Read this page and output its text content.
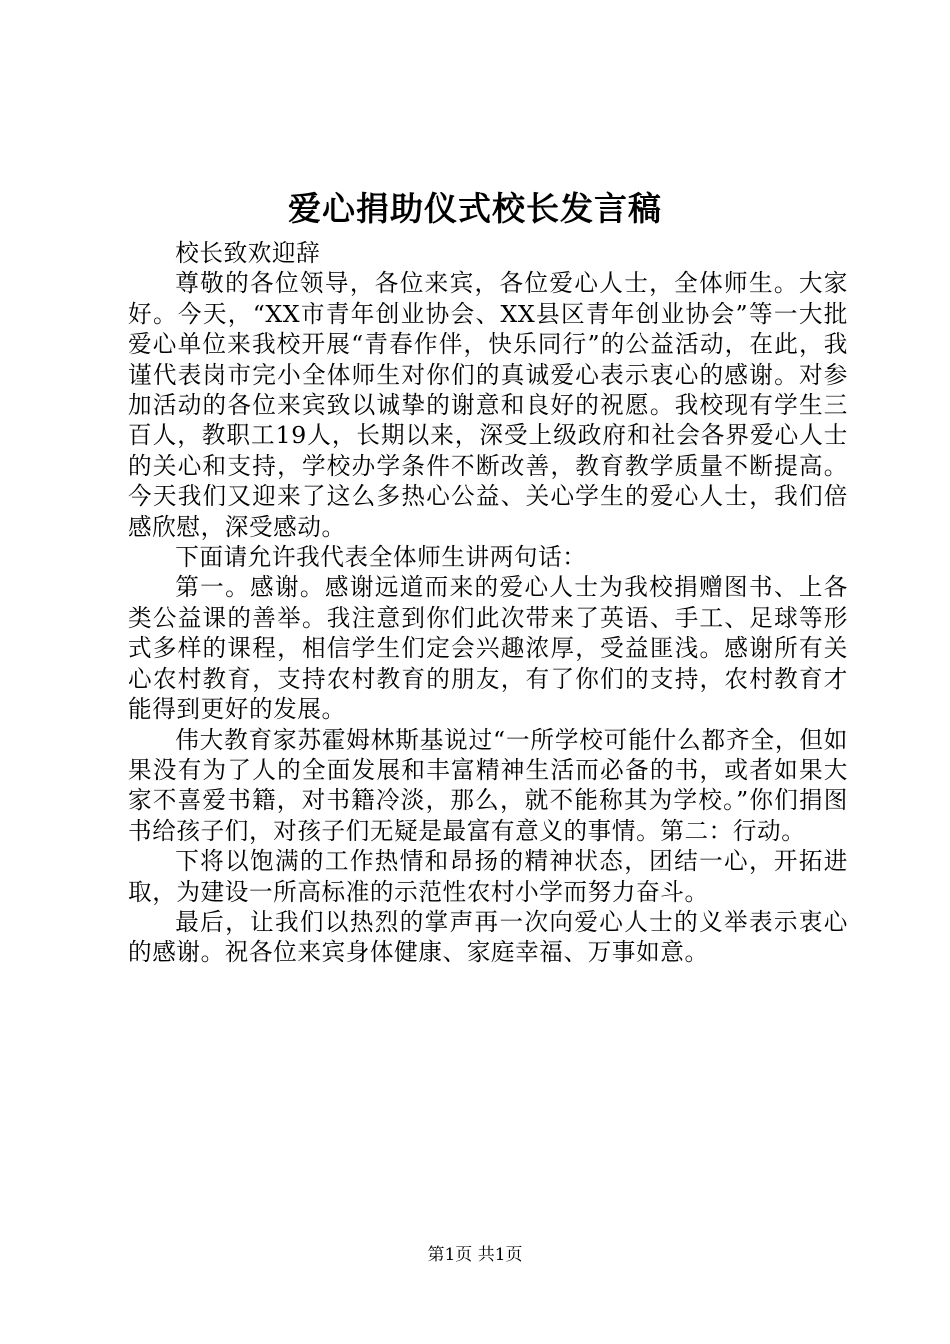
爱心捐助仪式校长发言稿

校长致欢迎辞

尊敬的各位领导，各位来宾，各位爱心人士，全体师生。大家好。今天，“XX市青年创业协会、XX县区青年创业协会”等一大批爱心单位来我校开展“青春作伴，快乐同行”的公益活动，在此，我谨代表岗市完小全体师生对你们的真诚爱心表示衷心的感谢。对参加活动的各位来宾致以诚挚的谢意和良好的祝愿。我校现有学生三百人，教职工19人，长期以来，深受上级政府和社会各界爱心人士的关心和支持，学校办学条件不断改善，教育教学质量不断提高。今天我们又迎来了这么多热心公益、关心学生的爱心人士，我们倍感欣慰，深受感动。

下面请允许我代表全体师生讲两句话：

第一。感谢。感谢远道而来的爱心人士为我校捐赠图书、上各类公益课的善举。我注意到你们此次带来了英语、手工、足球等形式多样的课程，相信学生们定会兴趣浓厚，受益匪浅。感谢所有关心农村教育，支持农村教育的朋友，有了你们的支持，农村教育才能得到更好的发展。

伟大教育家苏霍姆林斯基说过“一所学校可能什么都齐全，但如果没有为了人的全面发展和丰富精神生活而必备的书，或者如果大家不喜爱书籍，对书籍冷淡，那么，就不能称其为学校。”你们捐图书给孩子们，对孩子们无疑是最富有意义的事情。第二：行动。

下将以饱满的工作热情和昂扬的精神状态，团结一心，开拓进取，为建设一所高标准的示范性农村小学而努力奋斗。

最后，让我们以热烈的掌声再一次向爱心人士的义举表示衷心的感谢。祝各位来宾身体健康、家庭幸福、万事如意。

第1页 共1页
